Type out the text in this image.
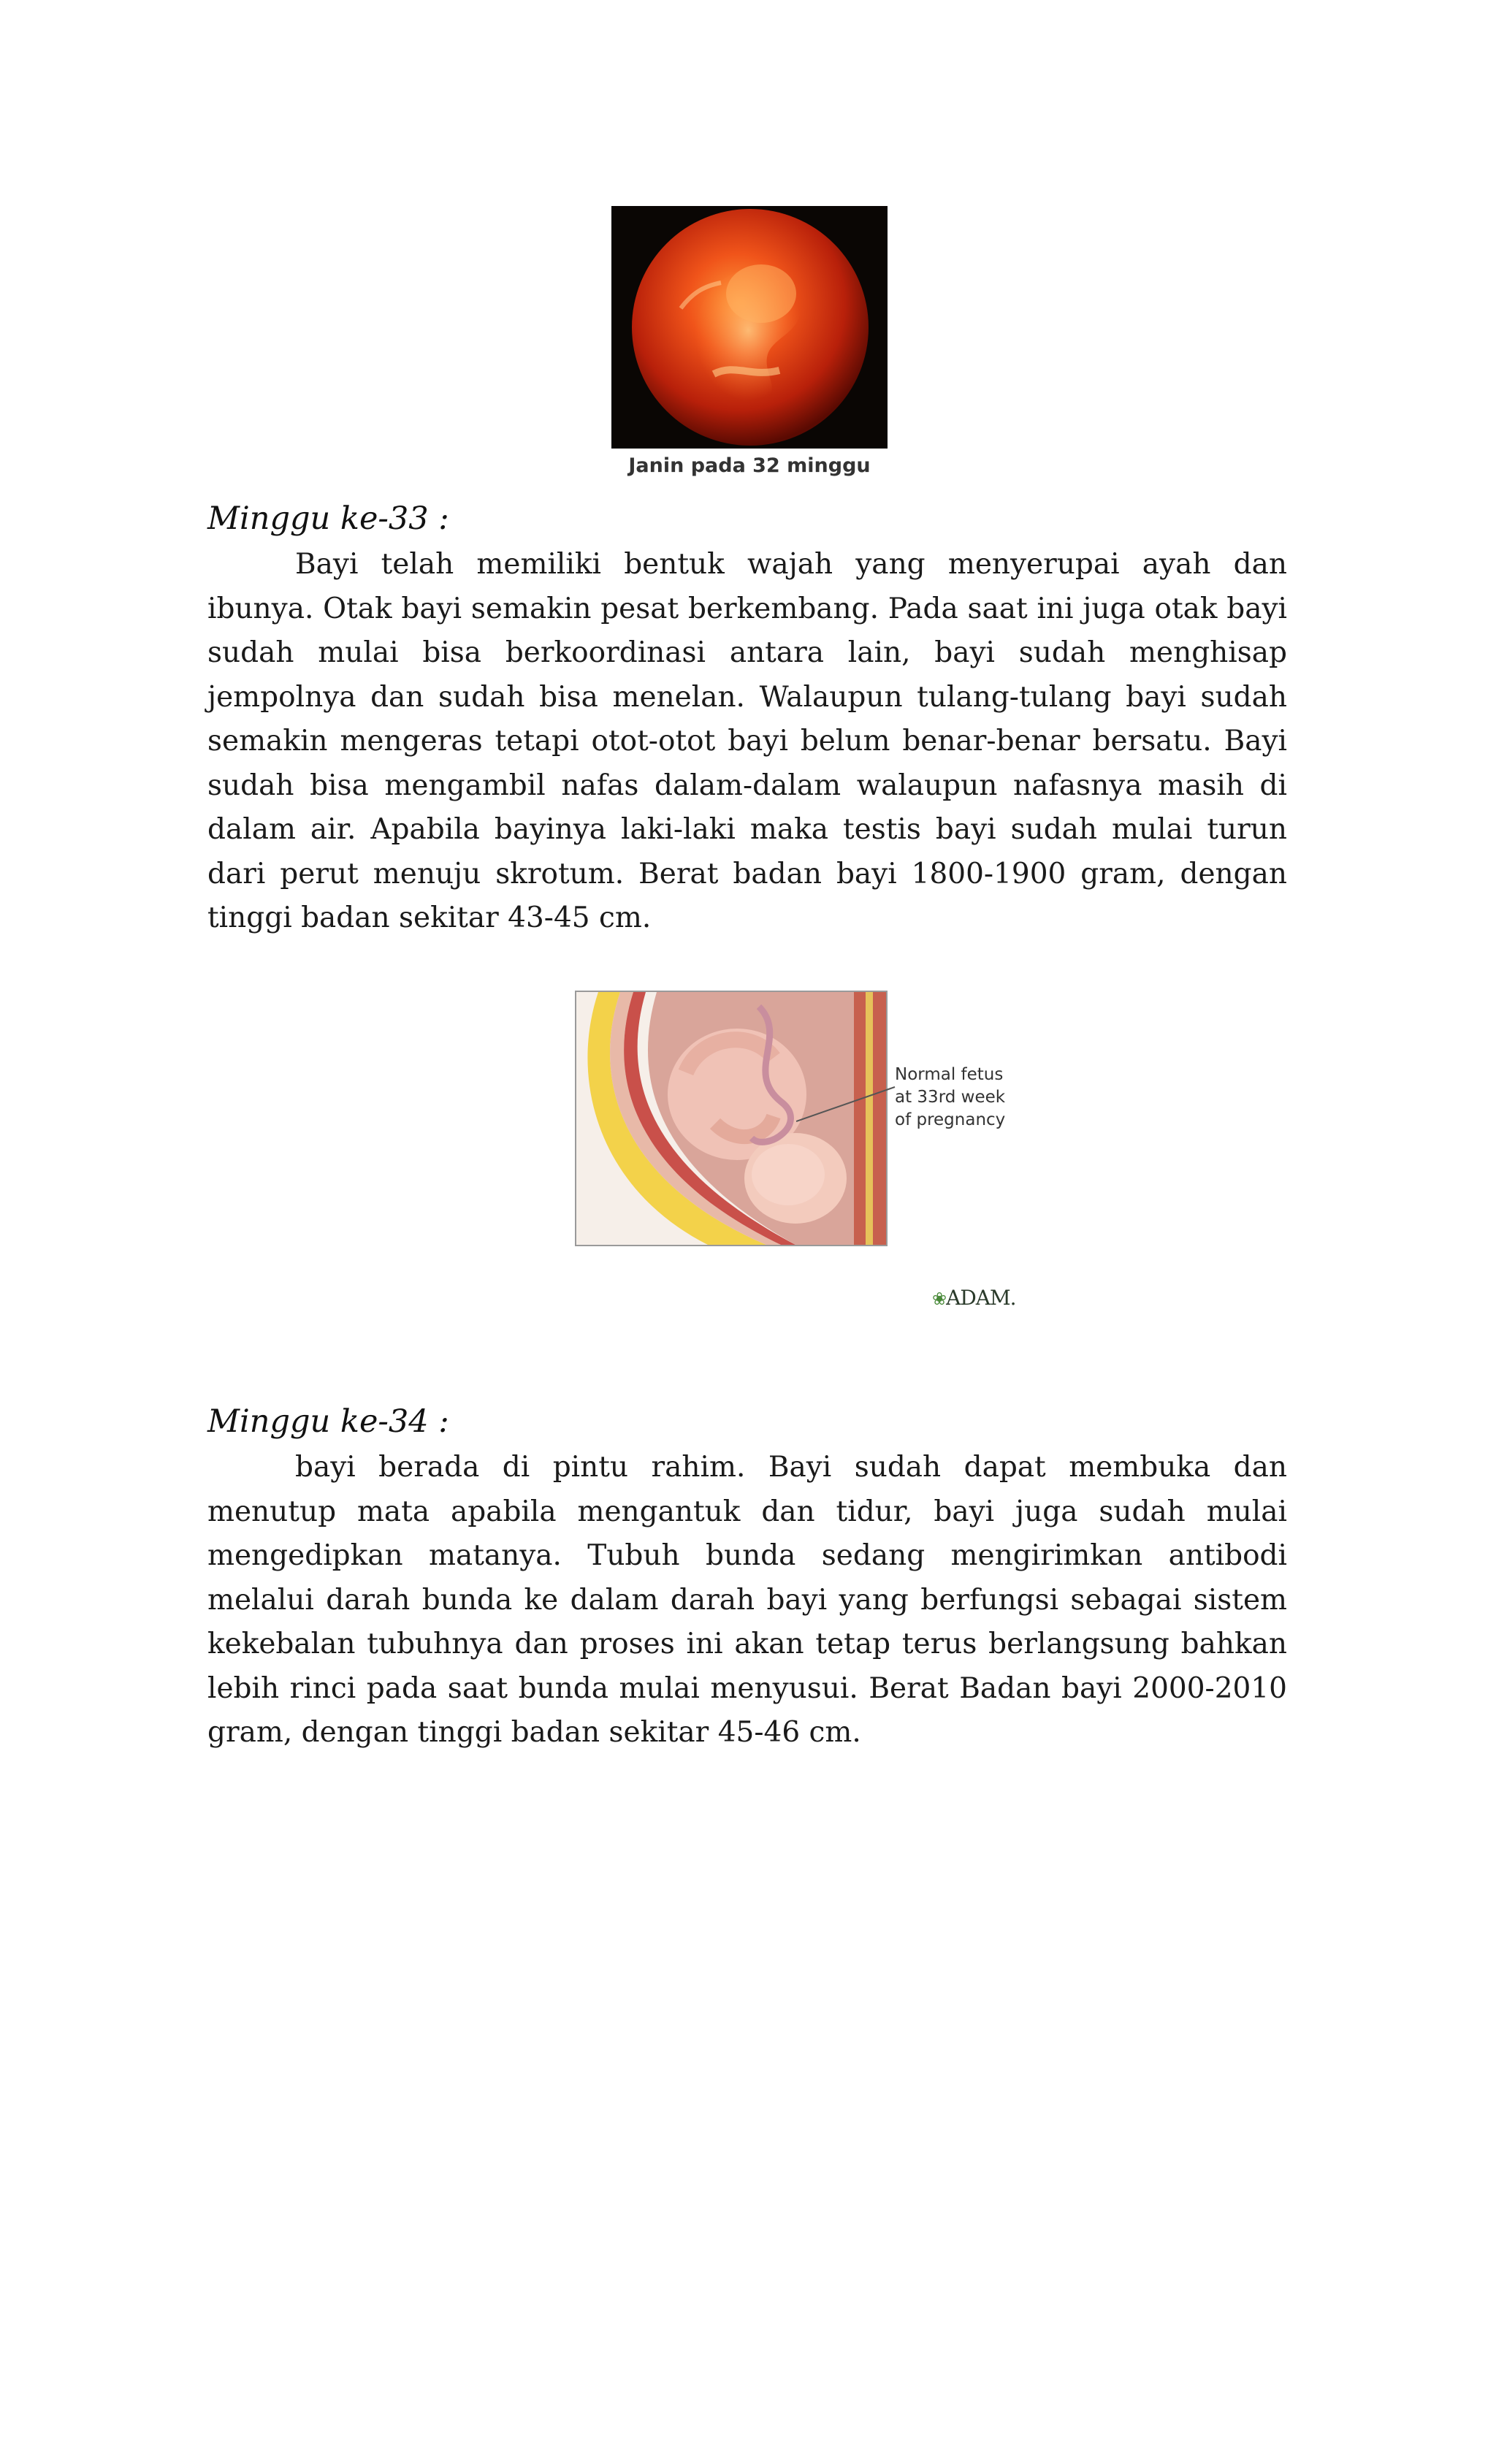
Janin pada 32 minggu
Minggu ke-33 :
Bayi telah memiliki bentuk wajah yang menyerupai ayah dan ibunya. Otak bayi semakin pesat berkembang. Pada saat ini juga otak bayi sudah mulai bisa berkoordinasi antara lain, bayi sudah menghisap jempolnya dan sudah bisa menelan. Walaupun tulang-tulang bayi sudah semakin mengeras tetapi otot-otot bayi belum benar-benar bersatu. Bayi sudah bisa mengambil nafas dalam-dalam walaupun nafasnya masih di dalam air. Apabila bayinya laki-laki maka testis bayi sudah mulai turun dari perut menuju skrotum. Berat badan bayi 1800-1900 gram, dengan tinggi badan sekitar 43-45 cm.
Normal fetus
at 33rd week
of pregnancy
❀ADAM.
Minggu ke-34 :
bayi berada di pintu rahim. Bayi sudah dapat membuka dan menutup mata apabila mengantuk dan tidur, bayi juga sudah mulai mengedipkan matanya. Tubuh bunda sedang mengirimkan antibodi melalui darah bunda ke dalam darah bayi yang berfungsi sebagai sistem kekebalan tubuhnya dan proses ini akan tetap terus berlangsung bahkan lebih rinci pada saat bunda mulai menyusui. Berat Badan bayi 2000-2010 gram, dengan tinggi badan sekitar 45-46 cm.
